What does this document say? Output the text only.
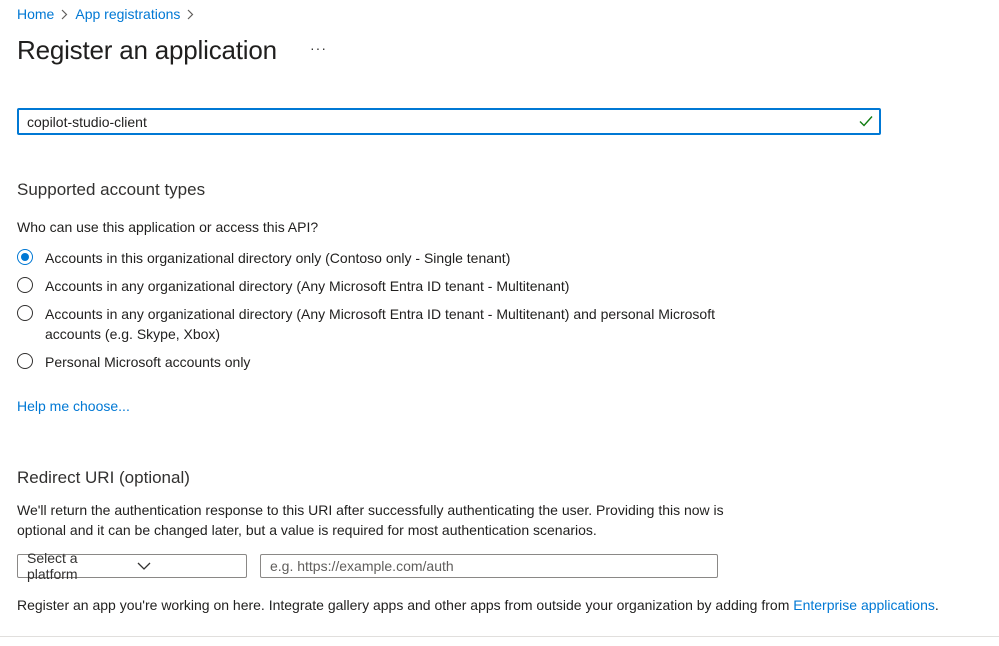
Home App registrations
Register an application ···
copilot-studio-client
Supported account types
Who can use this application or access this API?
Accounts in this organizational directory only (Contoso only - Single tenant)
Accounts in any organizational directory (Any Microsoft Entra ID tenant - Multitenant)
Accounts in any organizational directory (Any Microsoft Entra ID tenant - Multitenant) and personal Microsoft accounts (e.g. Skype, Xbox)
Personal Microsoft accounts only
Help me choose...
Redirect URI (optional)
We'll return the authentication response to this URI after successfully authenticating the user. Providing this now is optional and it can be changed later, but a value is required for most authentication scenarios.
Select a platform
e.g. https://example.com/auth
Register an app you're working on here. Integrate gallery apps and other apps from outside your organization by adding from Enterprise applications.
